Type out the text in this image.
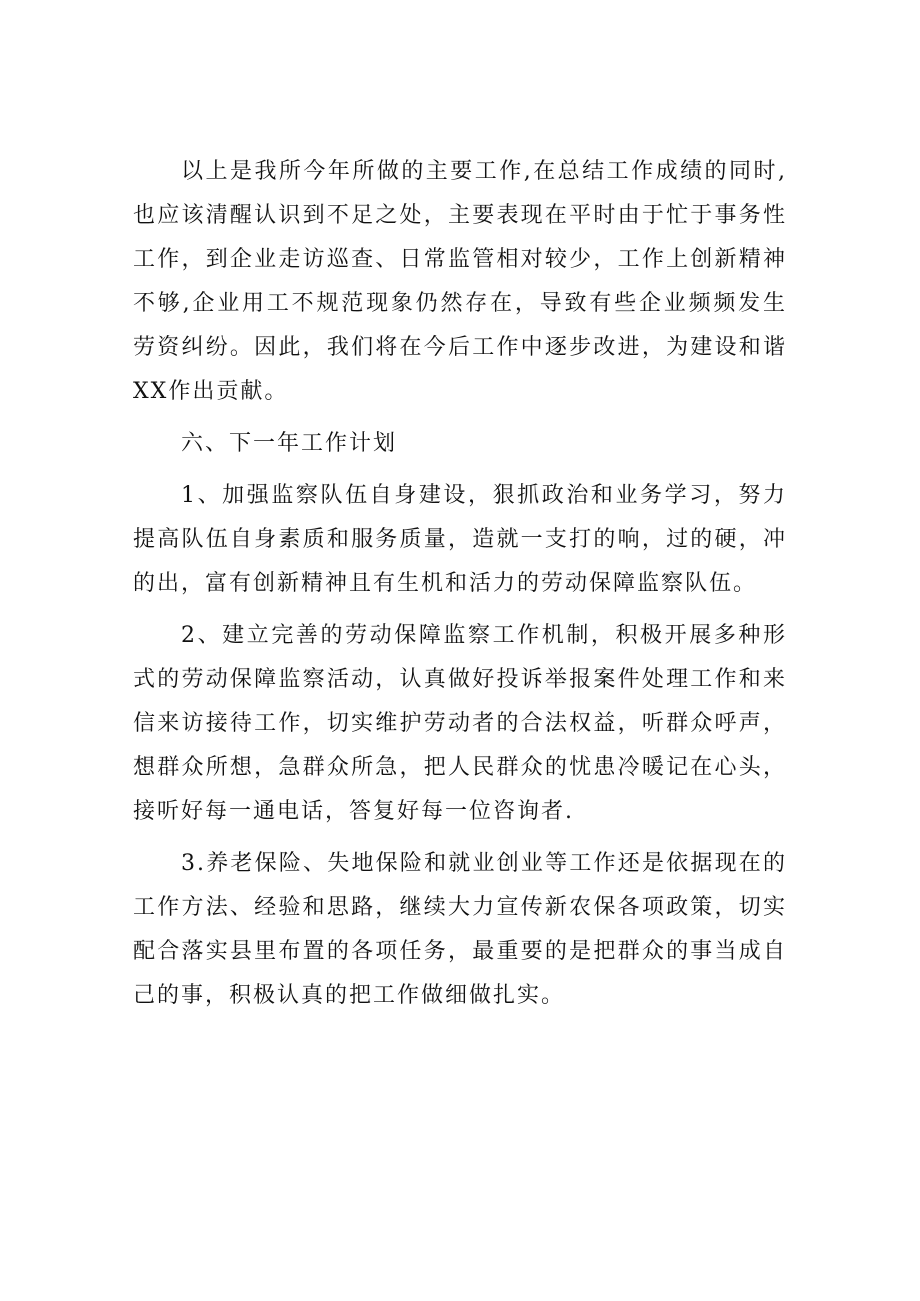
以上是我所今年所做的主要工作,在总结工作成绩的同时,也应该清醒认识到不足之处，主要表现在平时由于忙于事务性工作，到企业走访巡查、日常监管相对较少，工作上创新精神不够,企业用工不规范现象仍然存在，导致有些企业频频发生劳资纠纷。因此，我们将在今后工作中逐步改进，为建设和谐XX作出贡献。

六、下一年工作计划

1、加强监察队伍自身建设，狠抓政治和业务学习，努力提高队伍自身素质和服务质量，造就一支打的响，过的硬，冲的出，富有创新精神且有生机和活力的劳动保障监察队伍。

2、建立完善的劳动保障监察工作机制，积极开展多种形式的劳动保障监察活动，认真做好投诉举报案件处理工作和来信来访接待工作，切实维护劳动者的合法权益，听群众呼声，想群众所想，急群众所急，把人民群众的忧患冷暖记在心头，接听好每一通电话，答复好每一位咨询者.

3.养老保险、失地保险和就业创业等工作还是依据现在的工作方法、经验和思路，继续大力宣传新农保各项政策，切实配合落实县里布置的各项任务，最重要的是把群众的事当成自己的事，积极认真的把工作做细做扎实。
